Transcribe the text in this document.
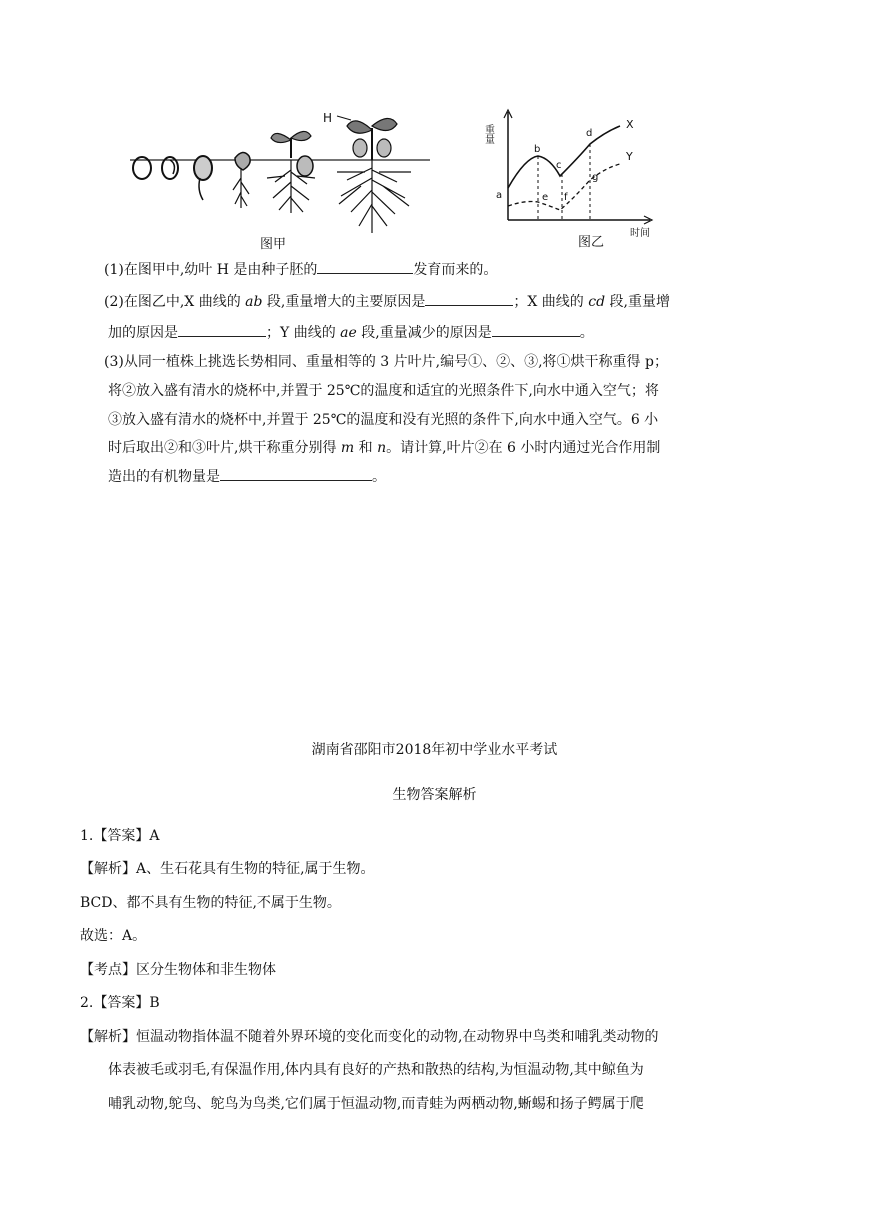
H
图甲
重量
a
b
c
d
e f
g
X
Y
图乙
时间
(1)在图甲中,幼叶 H 是由种子胚的	发育而来的。
(2)在图乙中,X 曲线的 ab 段,重量增大的主要原因是	；X 曲线的 cd 段,重量增
加的原因是	；Y 曲线的 ae 段,重量减少的原因是	。
(3)从同一植株上挑选长势相同、重量相等的 3 片叶片,编号①、②、③,将①烘干称重得 p；
将②放入盛有清水的烧杯中,并置于 25℃的温度和适宜的光照条件下,向水中通入空气；将
③放入盛有清水的烧杯中,并置于 25℃的温度和没有光照的条件下,向水中通入空气。6 小
时后取出②和③叶片,烘干称重分别得 m 和 n。请计算,叶片②在 6 小时内通过光合作用制
造出的有机物量是	。
湖南省邵阳市2018年初中学业水平考试
生物答案解析
1.【答案】A
【解析】A、生石花具有生物的特征,属于生物。
BCD、都不具有生物的特征,不属于生物。
故选：A。
【考点】区分生物体和非生物体
2.【答案】B
【解析】恒温动物指体温不随着外界环境的变化而变化的动物,在动物界中鸟类和哺乳类动物的
体表被毛或羽毛,有保温作用,体内具有良好的产热和散热的结构,为恒温动物,其中鲸鱼为
哺乳动物,鸵鸟、鸵鸟为鸟类,它们属于恒温动物,而青蛙为两栖动物,蜥蜴和扬子鳄属于爬
